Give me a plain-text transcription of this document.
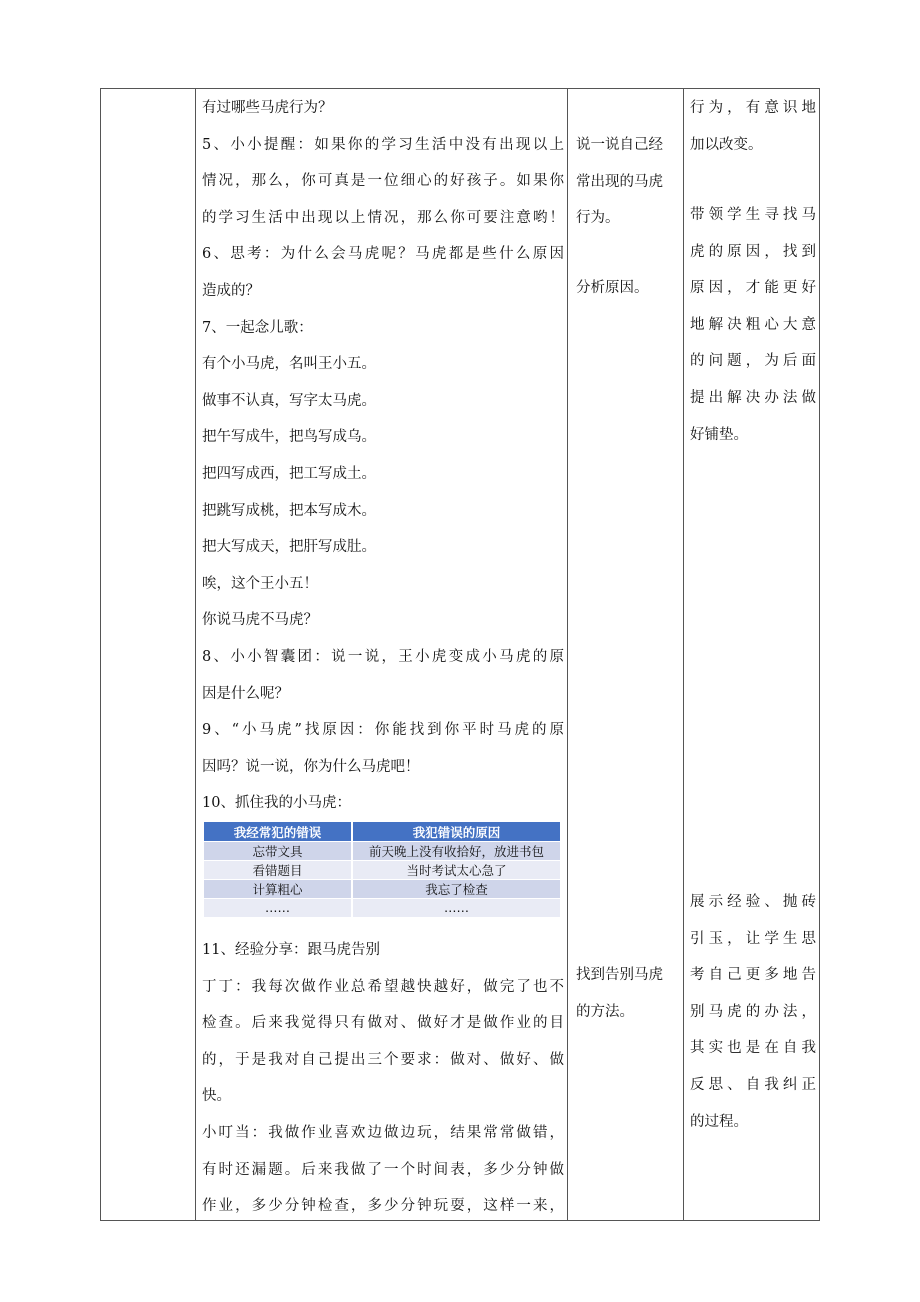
有过哪些马虎行为？
5、小小提醒：如果你的学习生活中没有出现以上
情况，那么，你可真是一位细心的好孩子。如果你
的学习生活中出现以上情况，那么你可要注意哟！
6、思考：为什么会马虎呢？马虎都是些什么原因
造成的？
7、一起念儿歌：
有个小马虎，名叫王小五。
做事不认真，写字太马虎。
把午写成牛，把鸟写成乌。
把四写成西，把工写成土。
把跳写成桃，把本写成木。
把大写成天，把肝写成肚。
唉，这个王小五！
你说马虎不马虎？
8、小小智囊团：说一说，王小虎变成小马虎的原
因是什么呢？
9、“小马虎”找原因：你能找到你平时马虎的原
因吗？说一说，你为什么马虎吧！
10、抓住我的小马虎：
我经常犯的错误	我犯错误的原因
忘带文具	前天晚上没有收拾好，放进书包
看错题目	当时考试太心急了
计算粗心	我忘了检查
……	……
11、经验分享：跟马虎告别
丁丁：我每次做作业总希望越快越好，做完了也不
检查。后来我觉得只有做对、做好才是做作业的目
的，于是我对自己提出三个要求：做对、做好、做
快。
小叮当：我做作业喜欢边做边玩，结果常常做错，
有时还漏题。后来我做了一个时间表，多少分钟做
作业，多少分钟检查，多少分钟玩耍，这样一来，
说一说自己经
常出现的马虎
行为。
分析原因。
找到告别马虎
的方法。
行为，有意识地
加以改变。
带领学生寻找马
虎的原因，找到
原因，才能更好
地解决粗心大意
的问题，为后面
提出解决办法做
好铺垫。
展示经验、抛砖
引玉，让学生思
考自己更多地告
别马虎的办法，
其实也是在自我
反思、自我纠正
的过程。
